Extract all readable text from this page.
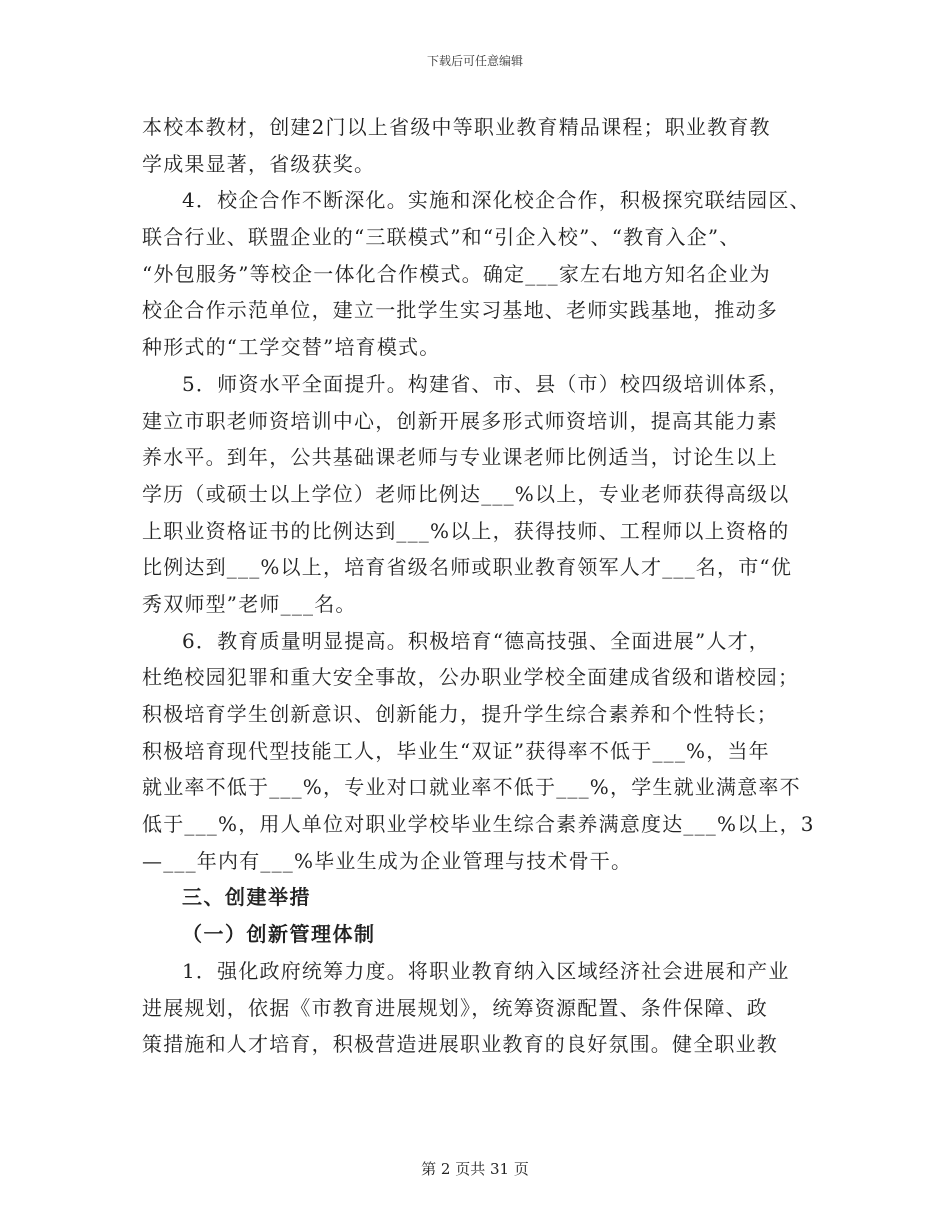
下载后可任意编辑
本校本教材，创建2门以上省级中等职业教育精品课程；职业教育教
学成果显著，省级获奖。
4．校企合作不断深化。实施和深化校企合作，积极探究联结园区、
联合行业、联盟企业的“三联模式”和“引企入校”、“教育入企”、
“外包服务”等校企一体化合作模式。确定___家左右地方知名企业为
校企合作示范单位，建立一批学生实习基地、老师实践基地，推动多
种形式的“工学交替”培育模式。
5．师资水平全面提升。构建省、市、县（市）校四级培训体系，
建立市职老师资培训中心，创新开展多形式师资培训，提高其能力素
养水平。到年，公共基础课老师与专业课老师比例适当，讨论生以上
学历（或硕士以上学位）老师比例达___%以上，专业老师获得高级以
上职业资格证书的比例达到___%以上，获得技师、工程师以上资格的
比例达到___%以上，培育省级名师或职业教育领军人才___名，市“优
秀双师型”老师___名。
6．教育质量明显提高。积极培育“德高技强、全面进展”人才，
杜绝校园犯罪和重大安全事故，公办职业学校全面建成省级和谐校园；
积极培育学生创新意识、创新能力，提升学生综合素养和个性特长；
积极培育现代型技能工人，毕业生“双证”获得率不低于___%，当年
就业率不低于___%，专业对口就业率不低于___%，学生就业满意率不
低于___%，用人单位对职业学校毕业生综合素养满意度达___%以上，3
—___年内有___%毕业生成为企业管理与技术骨干。
三、创建举措
（一）创新管理体制
1．强化政府统筹力度。将职业教育纳入区域经济社会进展和产业
进展规划，依据《市教育进展规划》，统筹资源配置、条件保障、政
策措施和人才培育，积极营造进展职业教育的良好氛围。健全职业教
第 2 页共 31 页
